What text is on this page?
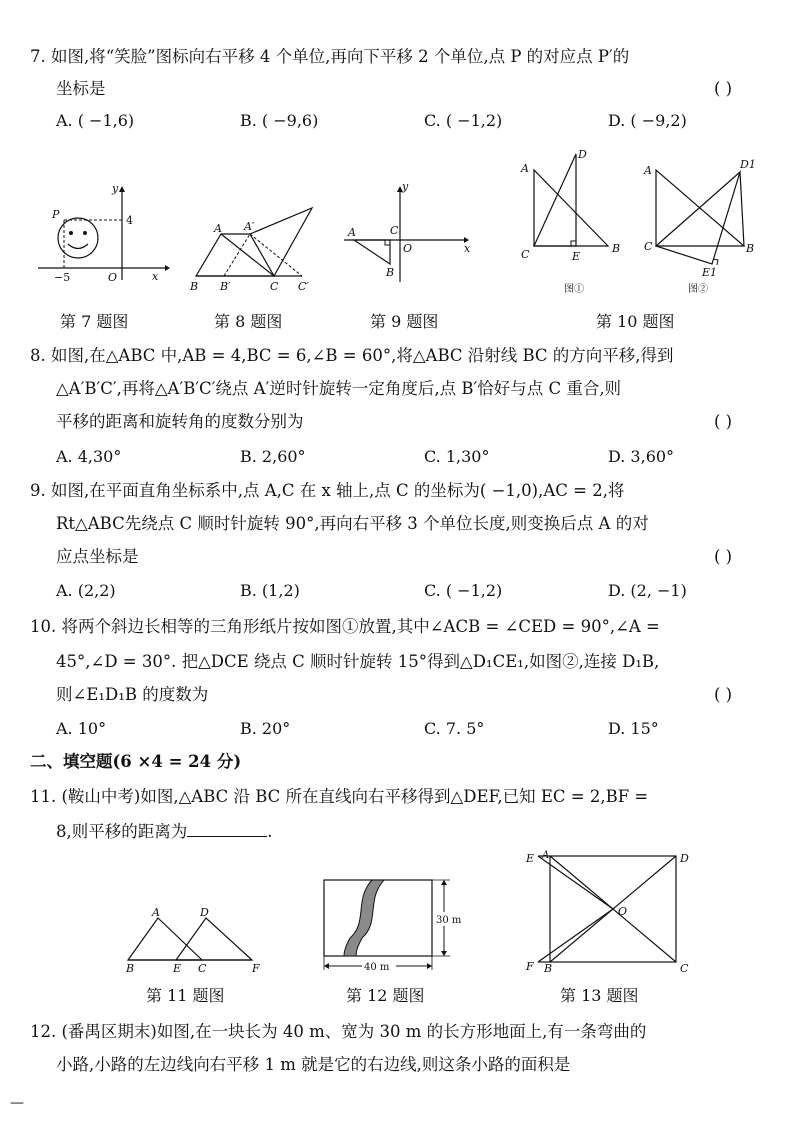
7. 如图,将“笑脸”图标向右平移 4 个单位,再向下平移 2 个单位,点 P 的对应点 P′的
坐标是	( )
A. ( −1,6)	B. ( −9,6)	C. ( −1,2)	D. ( −9,2)
P
y
4
−5	O	x
A A′
B B′	C C′
y
A	C
O	x
B
A
D
C	E
B
图①
A	D1
C
E1
B
图②
第 7 题图	第 8 题图	第 9 题图	第 10 题图
8. 如图,在△ABC 中,AB = 4,BC = 6,∠B = 60°,将△ABC 沿射线 BC 的方向平移,得到
△A′B′C′,再将△A′B′C′绕点 A′逆时针旋转一定角度后,点 B′恰好与点 C 重合,则
平移的距离和旋转角的度数分别为	( )
A. 4,30°	B. 2,60°	C. 1,30°	D. 3,60°
9. 如图,在平面直角坐标系中,点 A,C 在 x 轴上,点 C 的坐标为( −1,0),AC = 2,将
Rt△ABC先绕点 C 顺时针旋转 90°,再向右平移 3 个单位长度,则变换后点 A 的对
应点坐标是	( )
A. (2,2)	B. (1,2)	C. ( −1,2)	D. (2, −1)
10. 将两个斜边长相等的三角形纸片按如图①放置,其中∠ACB = ∠CED = 90°,∠A =
45°,∠D = 30°. 把△DCE 绕点 C 顺时针旋转 15°得到△D₁CE₁,如图②,连接 D₁B,
则∠E₁D₁B 的度数为	( )
A. 10°	B. 20°	C. 7. 5°	D. 15°
二、填空题(6 ×4 = 24 分)
11. (鞍山中考)如图,△ABC 沿 BC 所在直线向右平移得到△DEF,已知 EC = 2,BF =
8,则平移的距离为	.
A	D
B	E C	F
30 m
40 m
E A	D
O
F B	C
第 11 题图	第 12 题图	第 13 题图
12. (番禺区期末)如图,在一块长为 40 m、宽为 30 m 的长方形地面上,有一条弯曲的
小路,小路的左边线向右平移 1 m 就是它的右边线,则这条小路的面积是
—
